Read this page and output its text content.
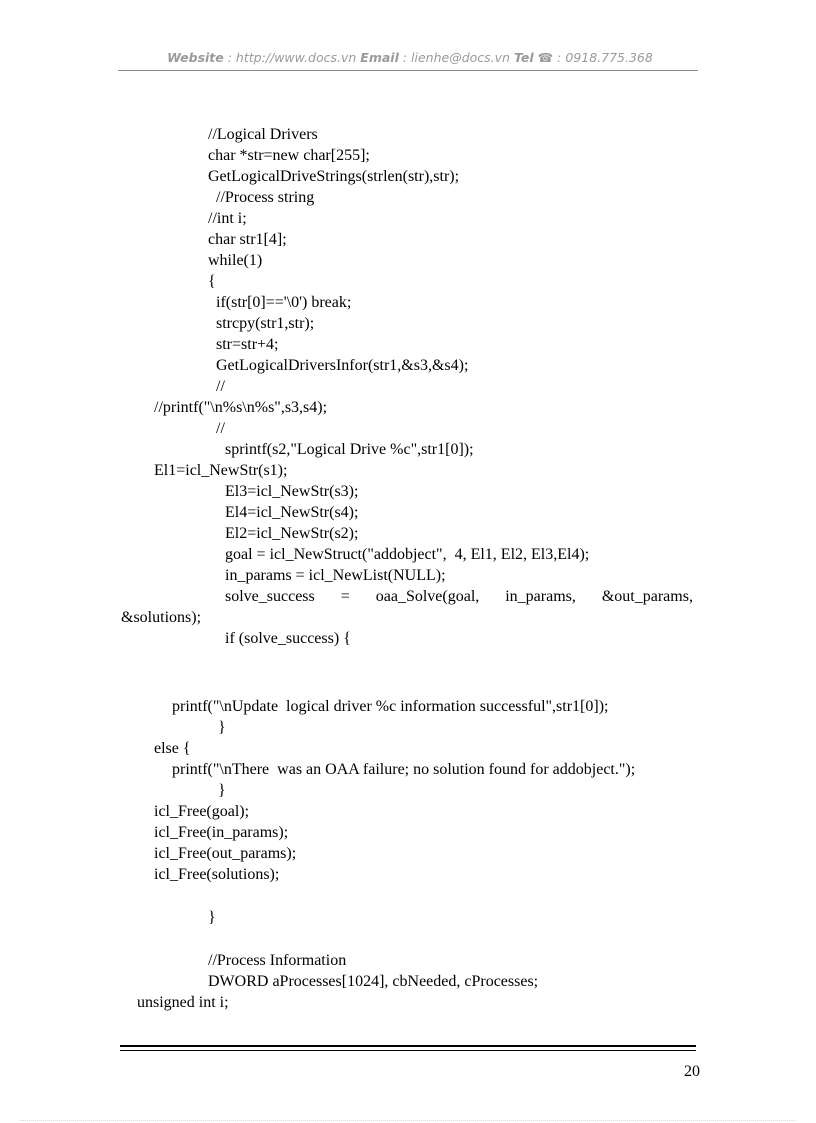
Website : http://www.docs.vn Email : lienhe@docs.vn Tel ☎ : 0918.775.368
//Logical Drivers
char *str=new char[255];
GetLogicalDriveStrings(strlen(str),str);
//Process string
//int i;
char str1[4];
while(1)
{
if(str[0]=='\0') break;
strcpy(str1,str);
str=str+4;
GetLogicalDriversInfor(str1,&s3,&s4);
//
//printf("\n%s\n%s",s3,s4);
//
sprintf(s2,"Logical Drive %c",str1[0]);
El1=icl_NewStr(s1);
El3=icl_NewStr(s3);
El4=icl_NewStr(s4);
El2=icl_NewStr(s2);
goal = icl_NewStruct("addobject",  4, El1, El2, El3,El4);
in_params = icl_NewList(NULL);
solve_success = oaa_Solve(goal, in_params, &out_params,
&solutions);
if (solve_success) {
printf("\nUpdate  logical driver %c information successful",str1[0]);
}
else {
printf("\nThere  was an OAA failure; no solution found for addobject.");
}
icl_Free(goal);
icl_Free(in_params);
icl_Free(out_params);
icl_Free(solutions);
}
//Process Information
DWORD aProcesses[1024], cbNeeded, cProcesses;
unsigned int i;
20
